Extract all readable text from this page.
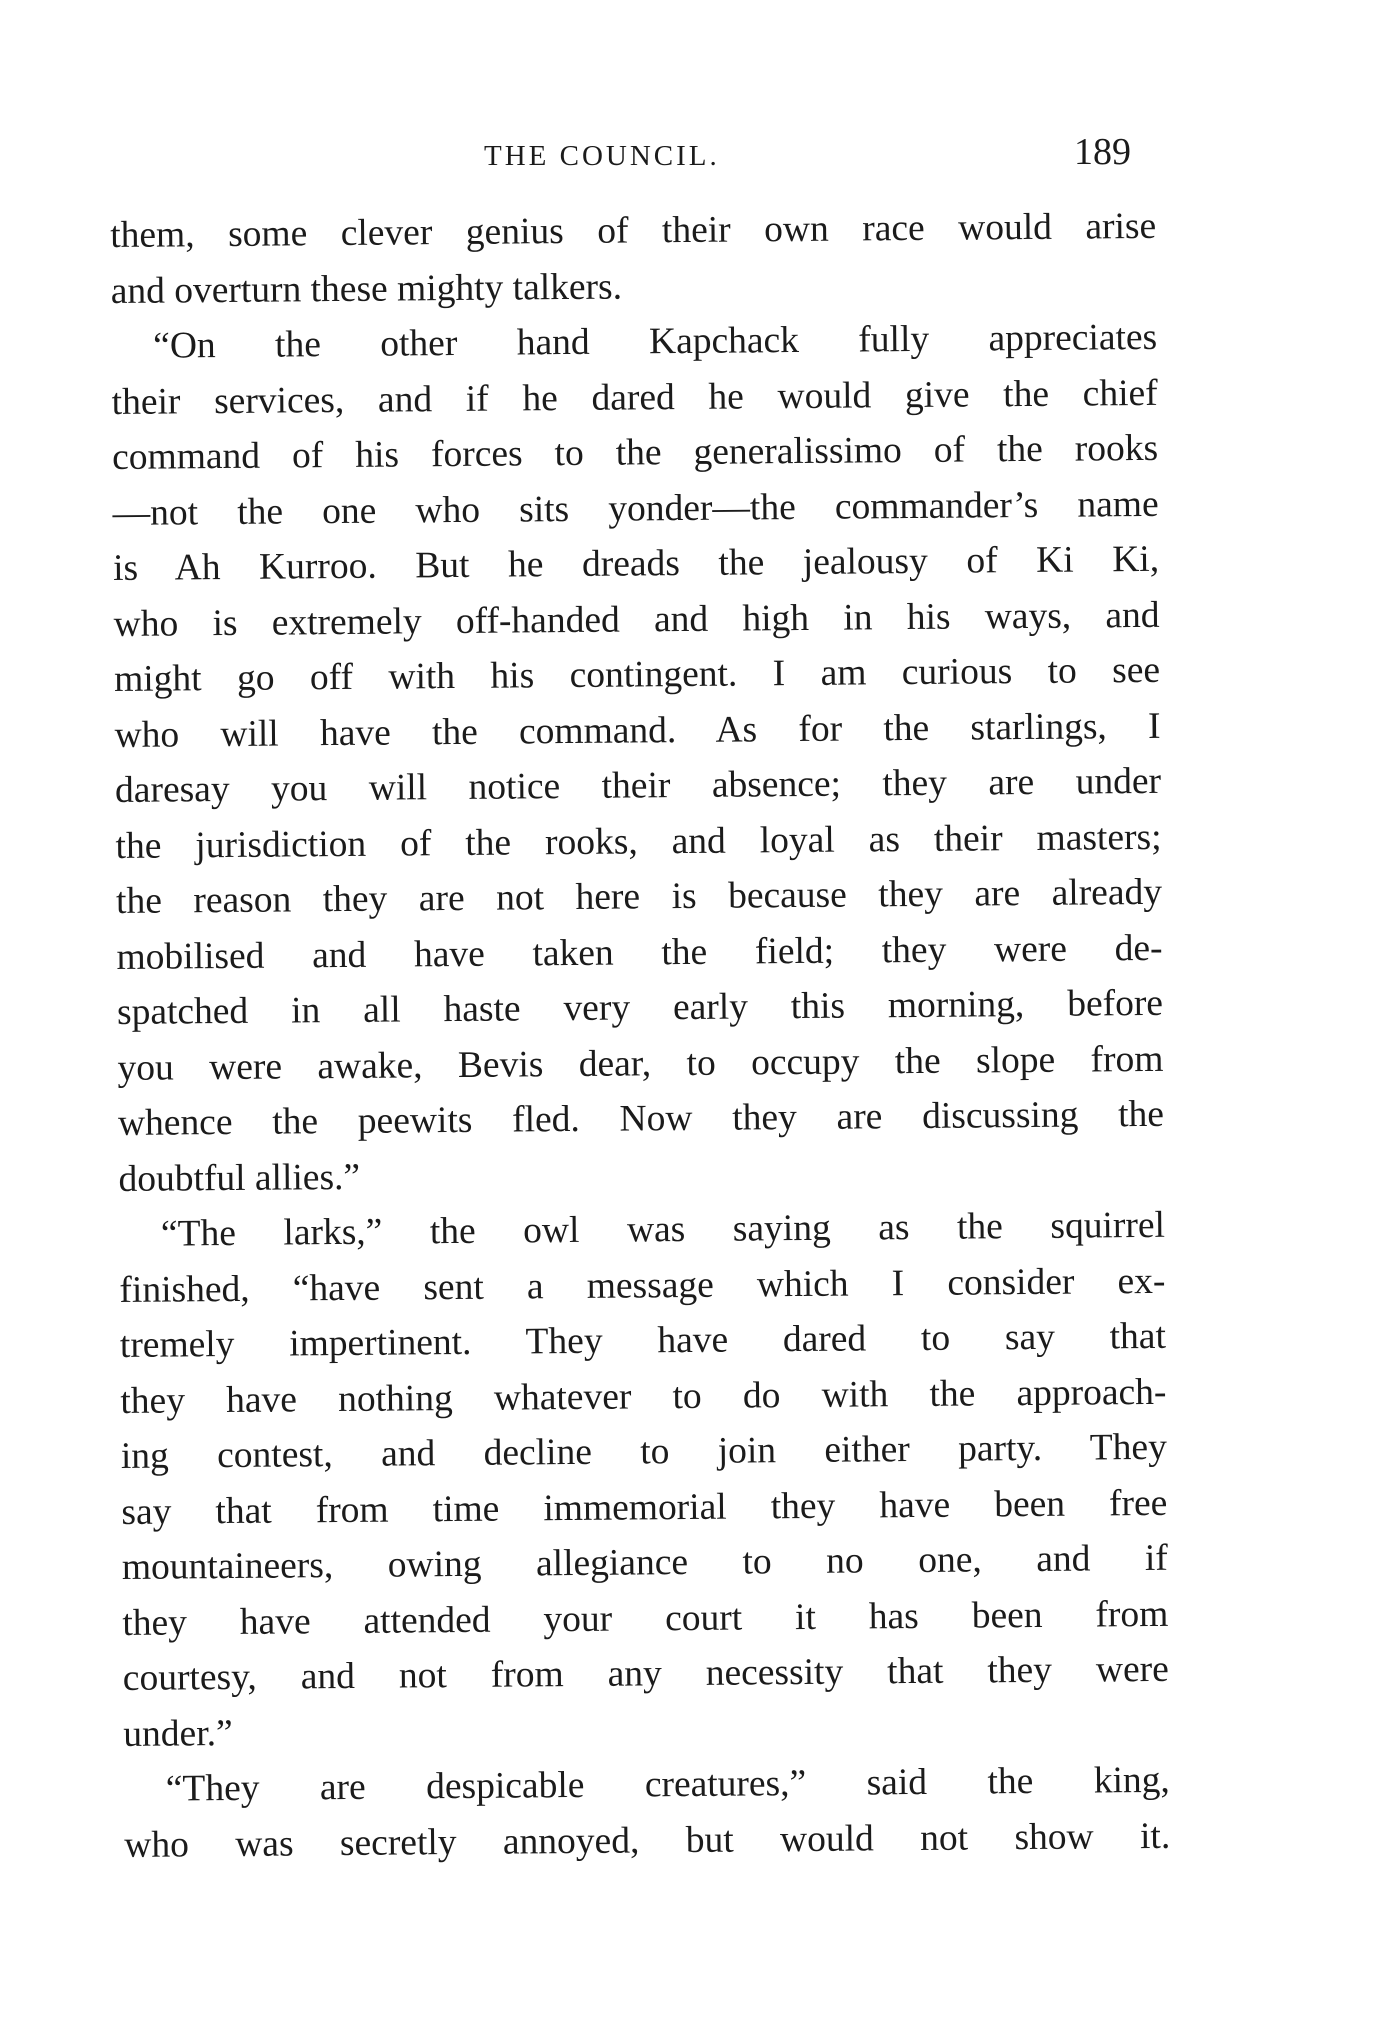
THE COUNCIL.	189
them, some clever genius of their own race would arise
and overturn these mighty talkers.
“On the other hand Kapchack fully appreciates
their services, and if he dared he would give the chief
command of his forces to the generalissimo of the rooks
—not the one who sits yonder—the commander’s name
is Ah Kurroo. But he dreads the jealousy of Ki Ki,
who is extremely off-handed and high in his ways, and
might go off with his contingent. I am curious to see
who will have the command. As for the starlings, I
daresay you will notice their absence; they are under
the jurisdiction of the rooks, and loyal as their masters;
the reason they are not here is because they are already
mobilised and have taken the field; they were de-
spatched in all haste very early this morning, before
you were awake, Bevis dear, to occupy the slope from
whence the peewits fled. Now they are discussing the
doubtful allies.”
“The larks,” the owl was saying as the squirrel
finished, “have sent a message which I consider ex-
tremely impertinent. They have dared to say that
they have nothing whatever to do with the approach-
ing contest, and decline to join either party. They
say that from time immemorial they have been free
mountaineers, owing allegiance to no one, and if
they have attended your court it has been from
courtesy, and not from any necessity that they were
under.”
“They are despicable creatures,” said the king,
who was secretly annoyed, but would not show it.
